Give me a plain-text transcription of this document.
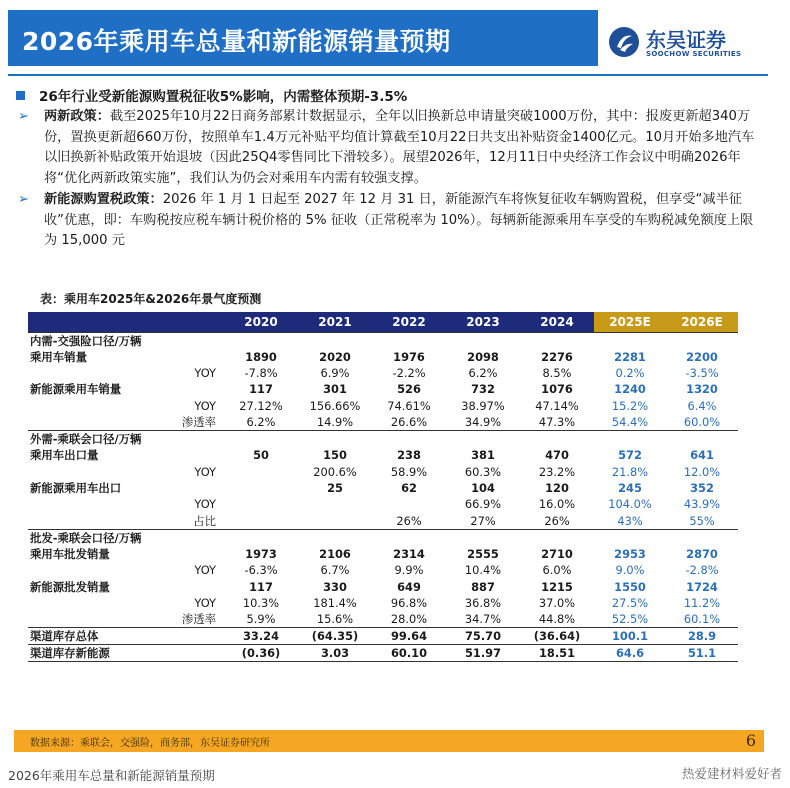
2026年乘用车总量和新能源销量预期	东吴证券
SOOCHOW SECURITIES
26年行业受新能源购置税征收5%影响，内需整体预期-3.5%
➢ 两新政策：截至2025年10月22日商务部累计数据显示，全年以旧换新总申请量突破1000万份，其中：报废更新超340万份，置换更新超660万份，按照单车1.4万元补贴平均值计算截至10月22日共支出补贴资金1400亿元。10月开始多地汽车以旧换新补贴政策开始退坡（因此25Q4零售同比下滑较多）。展望2026年，12月11日中央经济工作会议中明确2026年将“优化两新政策实施”，我们认为仍会对乘用车内需有较强支撑。
➢ 新能源购置税政策：2026 年 1 月 1 日起至 2027 年 12 月 31 日，新能源汽车将恢复征收车辆购置税，但享受“减半征收”优惠，即：车购税按应税车辆计税价格的 5% 征收（正常税率为 10%）。每辆新能源乘用车享受的车购税减免额度上限为 15,000 元
表：乘用车2025年&2026年景气度预测
	2020	2021	2022	2023	2024	2025E	2026E
内需-交强险口径/万辆							
乘用车销量	1890	2020	1976	2098	2276	2281	2200
YOY	-7.8%	6.9%	-2.2%	6.2%	8.5%	0.2%	-3.5%
新能源乘用车销量	117	301	526	732	1076	1240	1320
YOY	27.12%	156.66%	74.61%	38.97%	47.14%	15.2%	6.4%
渗透率	6.2%	14.9%	26.6%	34.9%	47.3%	54.4%	60.0%
外需-乘联会口径/万辆							
乘用车出口量	50	150	238	381	470	572	641
YOY		200.6%	58.9%	60.3%	23.2%	21.8%	12.0%
新能源乘用车出口		25	62	104	120	245	352
YOY				66.9%	16.0%	104.0%	43.9%
占比			26%	27%	26%	43%	55%
批发-乘联会口径/万辆							
乘用车批发销量	1973	2106	2314	2555	2710	2953	2870
YOY	-6.3%	6.7%	9.9%	10.4%	6.0%	9.0%	-2.8%
新能源批发销量	117	330	649	887	1215	1550	1724
YOY	10.3%	181.4%	96.8%	36.8%	37.0%	27.5%	11.2%
渗透率	5.9%	15.6%	28.0%	34.7%	44.8%	52.5%	60.1%
渠道库存总体	33.24	(64.35)	99.64	75.70	(36.64)	100.1	28.9
渠道库存新能源	(0.36)	3.03	60.10	51.97	18.51	64.6	51.1
数据来源：乘联会，交强险，商务部，东吴证券研究所	6
2026年乘用车总量和新能源销量预期	热爱建材料爱好者
